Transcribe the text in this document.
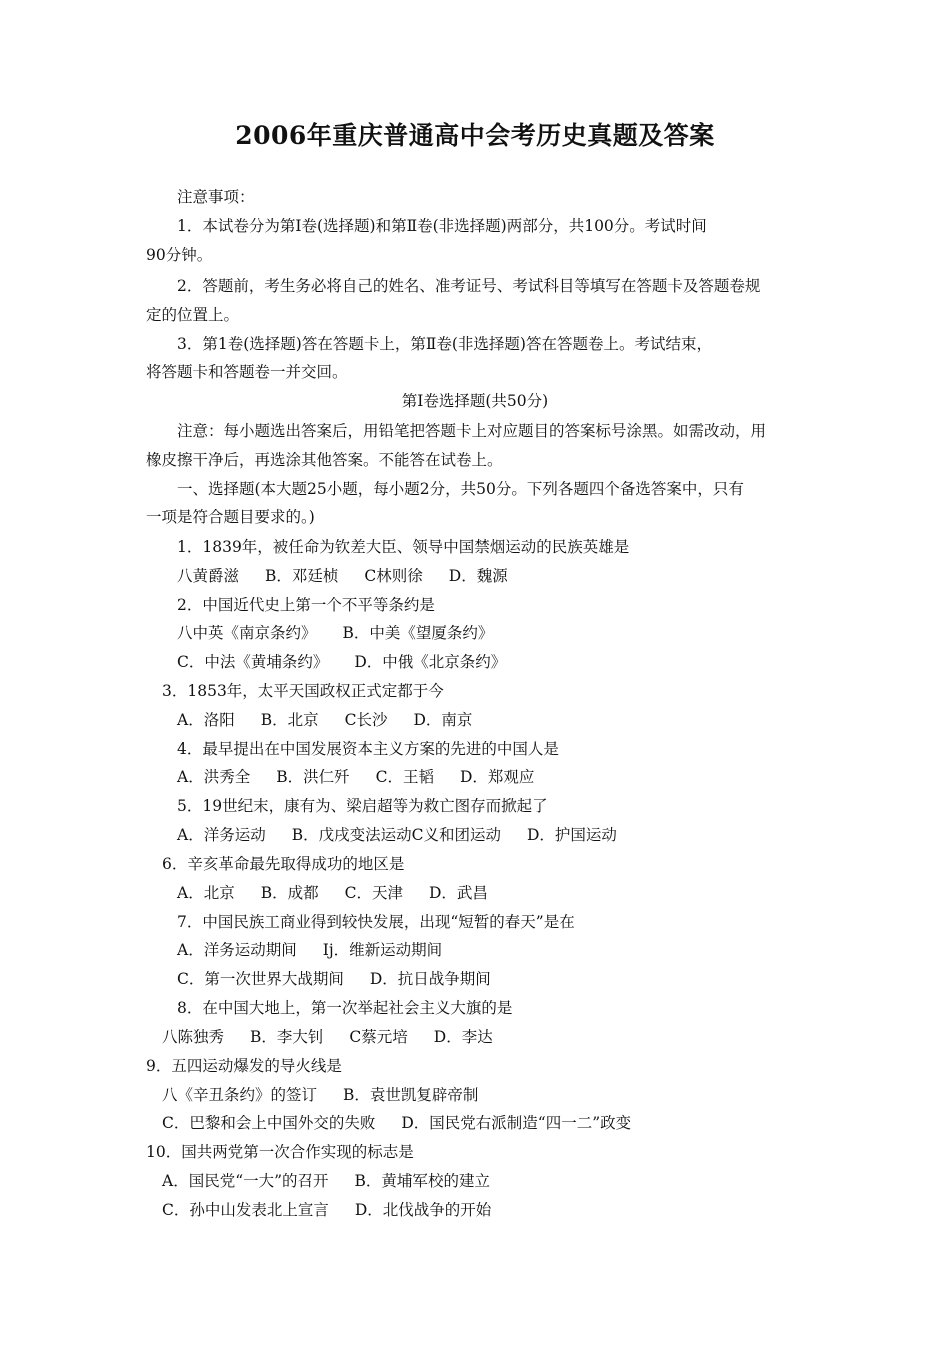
2006年重庆普通高中会考历史真题及答案
注意事项：
1．本试卷分为第Ⅰ卷(选择题)和第Ⅱ卷(非选择题)两部分，共100分。考试时间
90分钟。
2．答题前，考生务必将自己的姓名、准考证号、考试科目等填写在答题卡及答题卷规
定的位置上。
3．第1卷(选择题)答在答题卡上，第Ⅱ卷(非选择题)答在答题卷上。考试结束，
将答题卡和答题卷一并交回。
第Ⅰ卷选择题(共50分)
注意：每小题选出答案后，用铅笔把答题卡上对应题目的答案标号涂黑。如需改动，用
橡皮擦干净后，再选涂其他答案。不能答在试卷上。
一、选择题(本大题25小题，每小题2分，共50分。下列各题四个备选答案中，只有
一项是符合题目要求的。)
1．1839年，被任命为钦差大臣、领导中国禁烟运动的民族英雄是
八黄爵滋 B．邓廷桢 C林则徐 D．魏源
2．中国近代史上第一个不平等条约是
八中英《南京条约》 B．中美《望厦条约》
C．中法《黄埔条约》 D．中俄《北京条约》
3．1853年，太平天国政权正式定都于今
A．洛阳 B．北京 C长沙 D．南京
4．最早提出在中国发展资本主义方案的先进的中国人是
A．洪秀全 B．洪仁歼 C．王韬 D．郑观应
5．19世纪末，康有为、梁启超等为救亡图存而掀起了
A．洋务运动 B．戊戌变法运动C义和团运动 D．护国运动
6．辛亥革命最先取得成功的地区是
A．北京 B．成都 C．天津 D．武昌
7．中国民族工商业得到较快发展，出现“短暂的春天”是在
A．洋务运动期间 Ij．维新运动期间
C．第一次世界大战期间 D．抗日战争期间
8．在中国大地上，第一次举起社会主义大旗的是
八陈独秀 B．李大钊 C蔡元培 D．李达
9．五四运动爆发的导火线是
八《辛丑条约》的签订 B．袁世凯复辟帝制
C．巴黎和会上中国外交的失败 D．国民党右派制造“四一二”政变
10．国共两党第一次合作实现的标志是
A．国民党“一大”的召开 B．黄埔军校的建立
C．孙中山发表北上宣言 D．北伐战争的开始
